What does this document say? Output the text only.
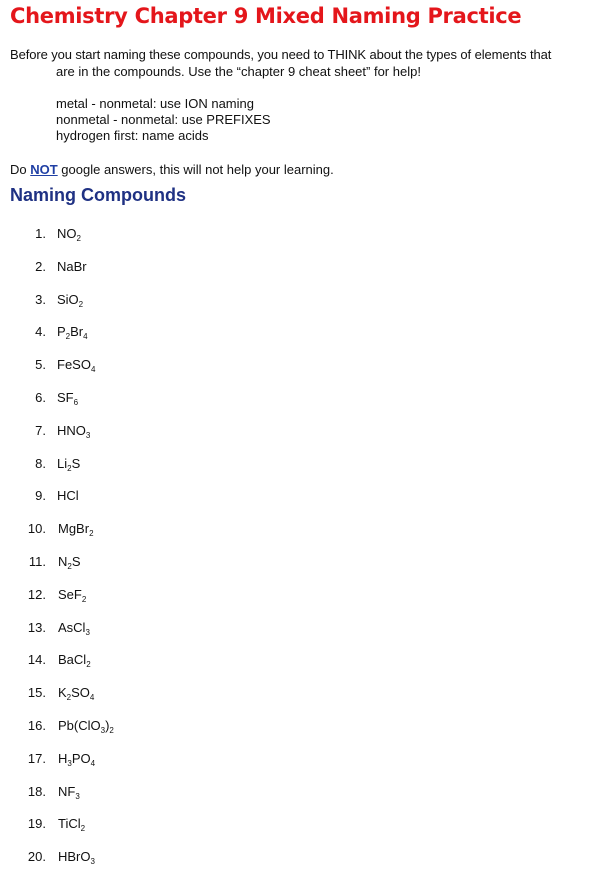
Chemistry Chapter 9 Mixed Naming Practice
Before you start naming these compounds, you need to THINK about the types of elements that
are in the compounds. Use the “chapter 9 cheat sheet” for help!
metal - nonmetal: use ION naming
nonmetal - nonmetal: use PREFIXES
hydrogen first: name acids
Do NOT google answers, this will not help your learning.
Naming Compounds
1. $NO_2$
2. NaBr
3. SiO$_2$
4. $P_2Br_4$
5. FeSO$_4$
6. $SF_6$
7. $HNO_3$
8. $Li_2S$
9. HCl
10. MgBr$_2$
11. $N_2S$
12. SeF$_2$
13. AsCl$_3$
14. BaCl$_2$
15. $K_2SO_4$
16. $Pb(ClO_3)_2$
17. $H_3PO_4$
18. $NF_3$
19. TiCl$_2$
20. HBrO$_3$
